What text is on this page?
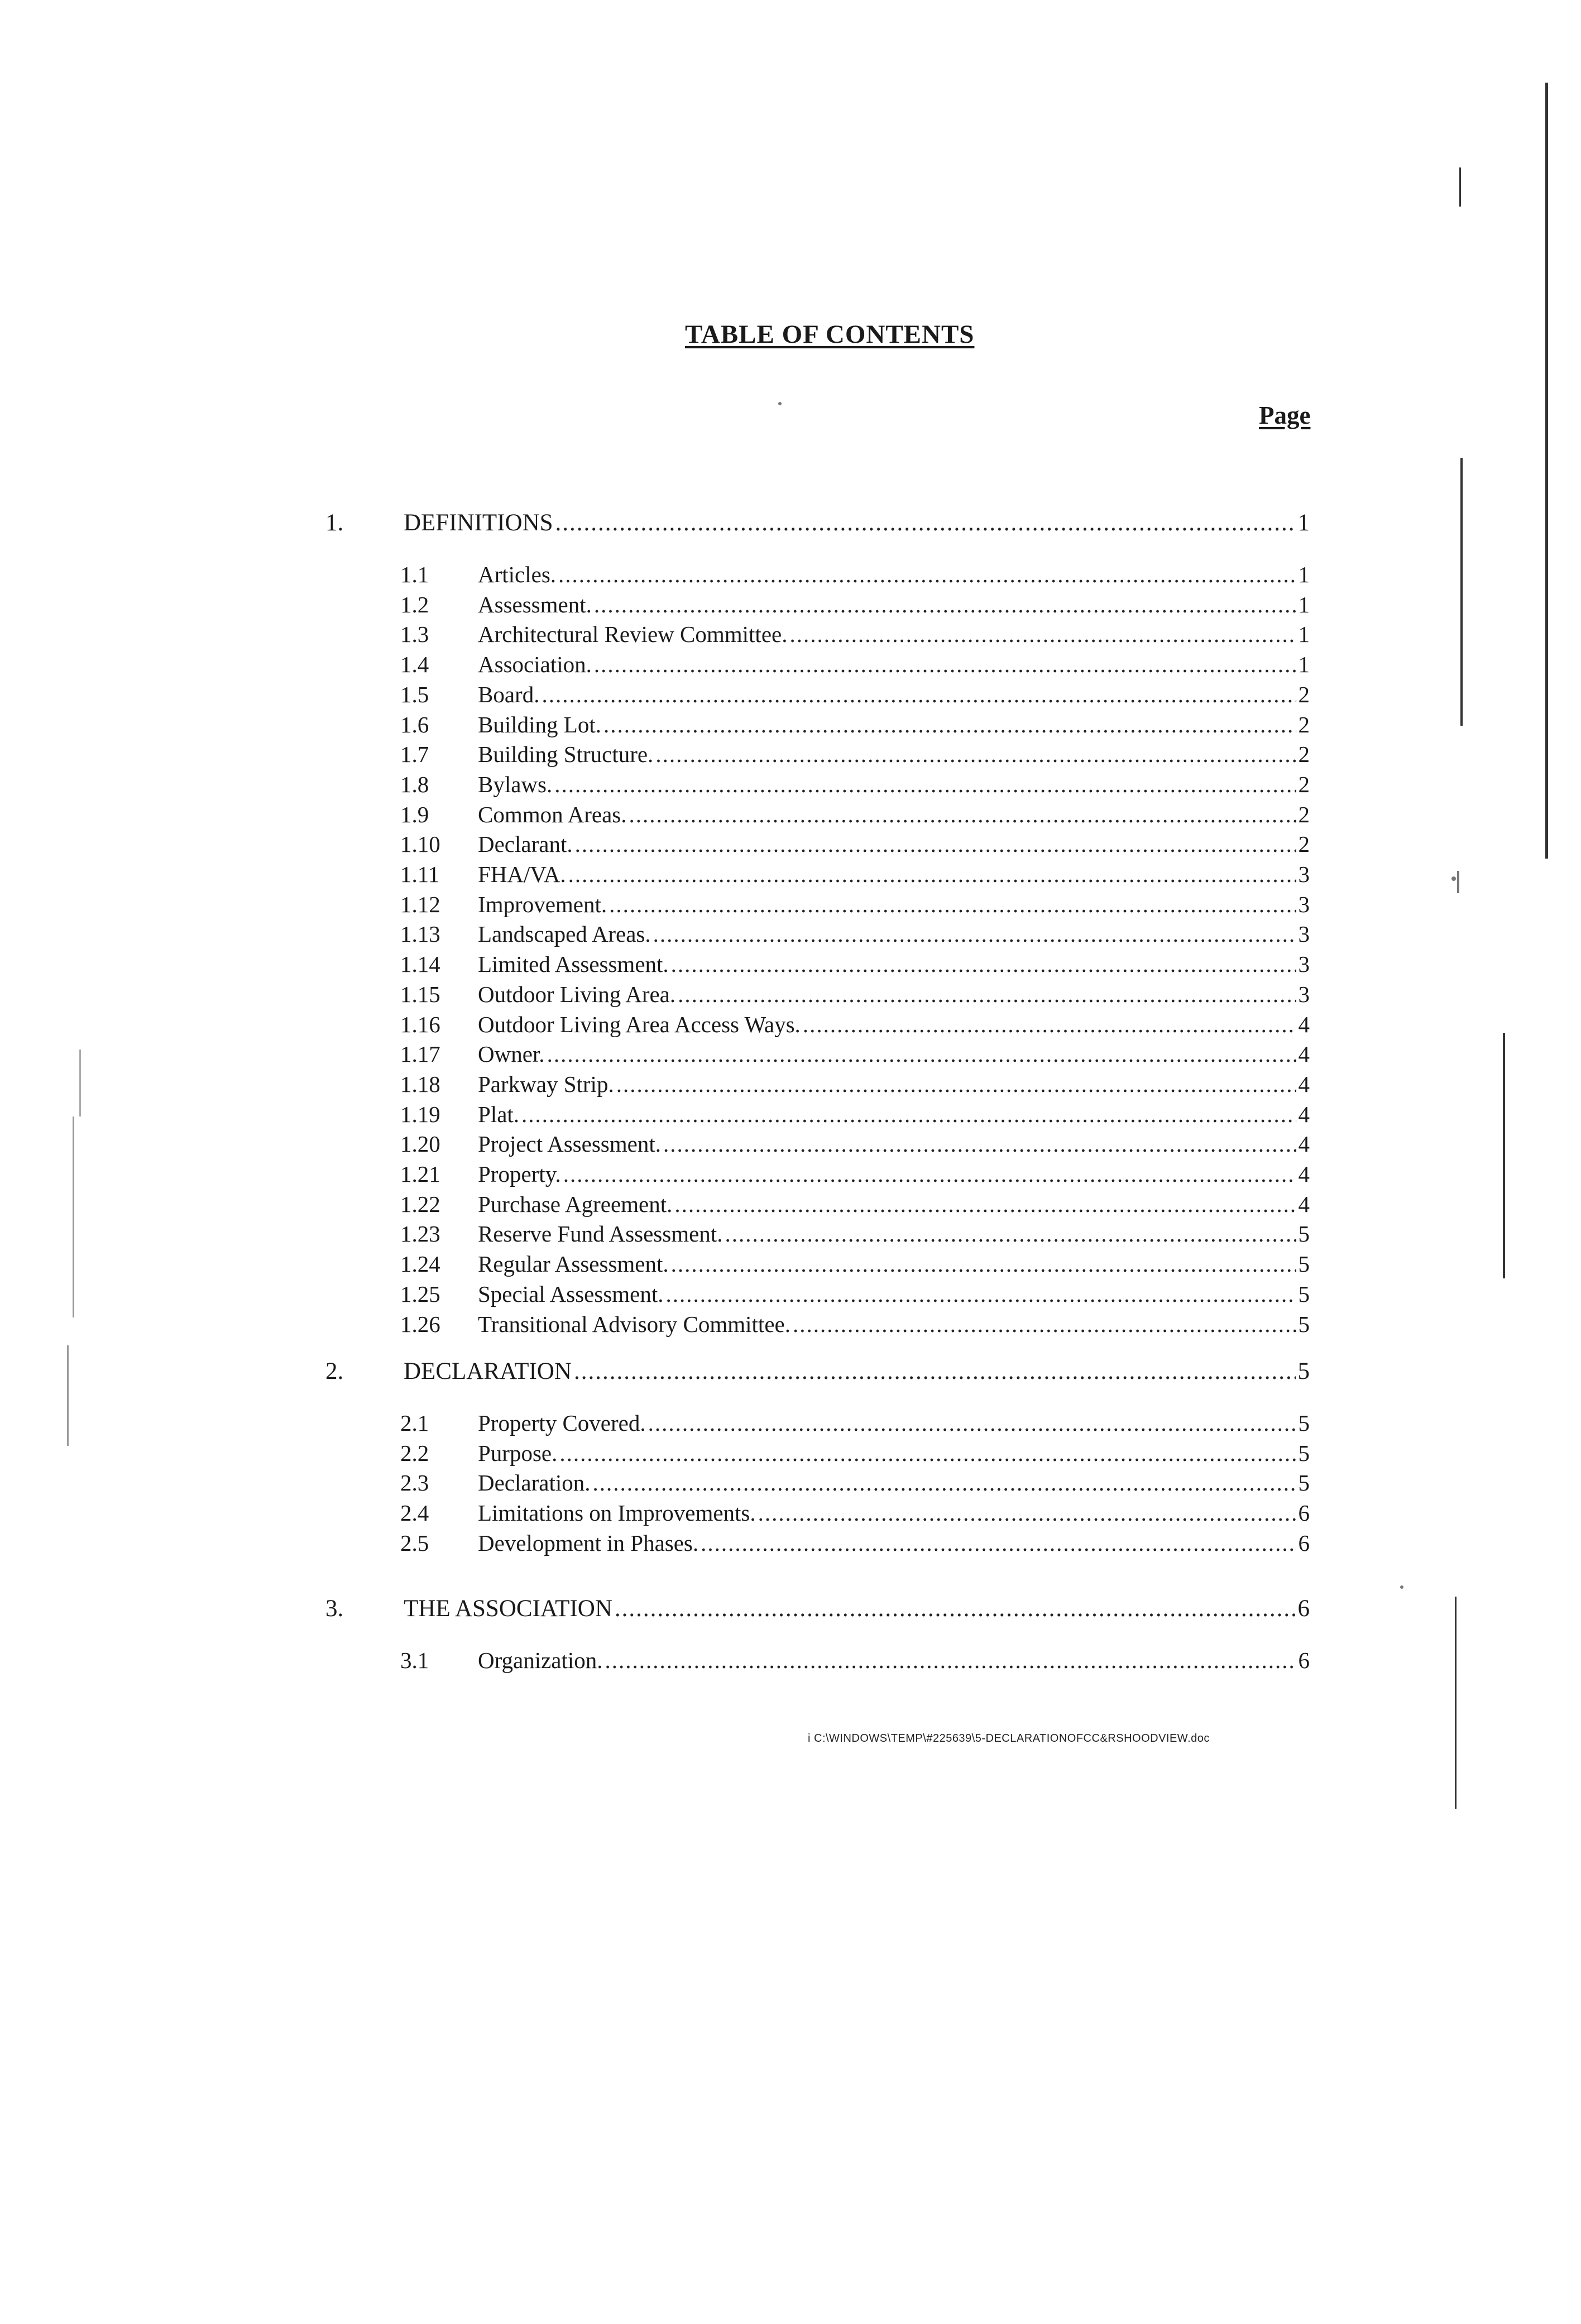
TABLE OF CONTENTS
Page
1.	DEFINITIONS .....	1
1.1	Articles. .....	1
1.2	Assessment. .....	1
1.3	Architectural Review Committee. .....	1
1.4	Association. .....	1
1.5	Board. .....	2
1.6	Building Lot. .....	2
1.7	Building Structure. .....	2
1.8	Bylaws. .....	2
1.9	Common Areas. .....	2
1.10	Declarant. .....	2
1.11	FHA/VA. .....	3
1.12	Improvement. .....	3
1.13	Landscaped Areas. .....	3
1.14	Limited Assessment. .....	3
1.15	Outdoor Living Area. .....	3
1.16	Outdoor Living Area Access Ways. .....	4
1.17	Owner. .....	4
1.18	Parkway Strip. .....	4
1.19	Plat. .....	4
1.20	Project Assessment. .....	4
1.21	Property. .....	4
1.22	Purchase Agreement. .....	4
1.23	Reserve Fund Assessment. .....	5
1.24	Regular Assessment. .....	5
1.25	Special Assessment. .....	5
1.26	Transitional Advisory Committee. .....	5
2.	DECLARATION .....	5
2.1	Property Covered. .....	5
2.2	Purpose. .....	5
2.3	Declaration. .....	5
2.4	Limitations on Improvements. .....	6
2.5	Development in Phases. .....	6
3.	THE ASSOCIATION .....	6
3.1	Organization. .....	6
i C:\WINDOWS\TEMP\#225639\5-DECLARATIONOFCC&RSHOODVIEW.doc
